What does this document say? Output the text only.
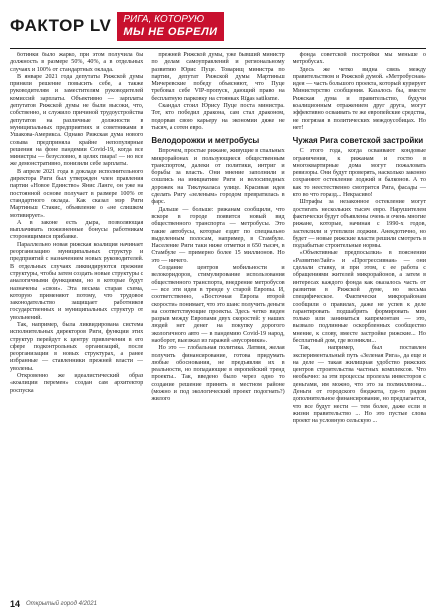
ФАКТОР LV РИГА, КОТОРУЮ
МЫ НЕ ОБРЕЛИ

ботинки было жарко, при этом получила бы должность в размере 50%, 40%, а в отдельных случаях и 100% от стандартных оклада.

В январе 2021 года депутаты Рижской думы приняли решение повысить себе, а также руководителям и заместителям руководителей комиссий зарплаты. Объективно — зарплаты депутатов Рижской думы не были высоки, что, собственно, и служило причиной трудоустройства депутатов на различные должности в муниципальных предприятиях и советниками в Ушакова-Америкса. Однако Рижская дума нового созыва предприняла крайне непопулярные решения на фоне пандемии Covid-19, когда все министры — безусловно, в целях пиара! — но все же демонстративно, понизили себе зарплаты.

В апреле 2021 года в докладе исполнительного директора Риги был утвержден член правления партии «Новое Единство» Янис Лангe, он уже на постоянной основе получает в размере 100% от стандартного оклада. Как сказал мэр Риги Мартиньш Стакис, объявление о «не слишком мотивирует».

А в законе есть дыра, позволяющая выплачивать пожизненные бонусы работникам сторонящимися прибавке.

Параллельно новая рижская коалиция начинает реорганизацию муниципальных структур и предприятий с назначением новых руководителей. В отдельных случаях ликвидируются прежние структуры, чтобы затем создать новые структуры с аналогичными функциями, но в которые будут назначены «свои». Эта весьма старая схема, которую применяют потому, что трудовое законодательство защищает работников государственных и муниципальных структур от увольнений.

Так, например, была ликвидирована система исполнительных директоров Риги, функции этих структур перейдут к центру привлечения в его сфере подконтрольных организаций, после реорганизации в новых структурах, а ранее избранные — ставленники прежней власти — уволены.

Откровенно же идеалистический образ «коалиции перемен» создан сам архитектор роспуска

прежней Рижской думы, уже бывший министр по делам самоуправлений и региональному развитию Юрис Пуце. Товарищ министра по партии, депутат Рижской думы Мартиньш Мичеревские победу объясняют, что Пуце требовал себе VIP-пропуск, дающий право на бесплатную парковку на стоянках Rīgas satiksme.

Скандал стоил Юрису Пуце поста министра. Тот, кто победил дракона, сам стал драконом, подорвав свою карьеру на экономии дяже не тысяч, а сотен евро.

Велодорожки и метробусы

Впрочем, простые рижане, живущие в спальных микрорайонах и пользующиеся общественным транспортом, далеки от политики, интриг и борьбы за власть. Они мнение заполнили и сошлись на инициативе Риги и велосипедных дорожек на Тиклукаласа улице. Красивая идея сделать Ригу «зеленым» городом превратилась в фарс.

Дальше — больше: рижанам сообщили, что вскоре в городе появится новый вид общественного транспорта — метробусы. Это такие автобусы, которые ездят по специально выделенным полосам, например, в Стамбуле. Население Риги таки ниже отметки в 650 тысяч, в Стамбуле — примерно более 15 миллионов. Но это — ничего.

Создание центров мобильности и велокоридоров, стимулирование использования общественного транспорта, внедрение метробусов — все эти идеи в тренде у старой Европы. И, соответственно, «Восточная Европа второй скорости» понимает, что это шанс получить деньги на соответствующие проекты. Здесь четко виден разрыв между Европами двух скоростей: у наших людей нет денег на покупку дорогого экологичного авто — в пандемию Covid-19 народ, наоборот, выезжал из гаражей «мусорники».

Но это — глобальная политика. Латвия, желая получить финансирование, готова придумать любые обоснования, не предъявляя их в реальности, но попадающие в европейский тренд проекты.. Так, введено было через одно то создание решение принять в местном районе (можно и под экологический проект подогнать?) жилого

фонда советской постройки мы меньше о метробусах.

Здесь же четко видна связь между правительством и Рижской думой. «Метробусная» идея — часть большого проекта, который курирует Министерство сообщения. Казалось бы, вместе Рижская дума и правительство, будучи коалиционным отражением друг друга, могут эффективно осваивать те же европейские средства, не погрязая в политических междоусобицах. Но нет!

Чужая Рига советской застройки

С этого года, когда осваивают кондовые ограничения, к рижанам и гостю в многоквартирные дома могут пожаловать ревизоры. Они будут проверять, насколько законно сохраняют остекление лоджий и балконов. А то как то неестественно смотрится Рига, фасады — кто во что горазд... Некрасиво!

Штрафы за незаконное остекление могут достигать нескольких тысяч евро. Нарушителем фактически будут объявлены очень и очень многие рижане, которые, начиная с 1990-х годов, застеклили и утепляли лоджии. Анекдотично, но будет — новые рижские власти решили смотреть в подзабытые строительные нормы.

«Объективные предпосылки» в пояснении «Развитие/Зайг» и «Прогрессивная» — они сделали ставку, и при этом, с ее работа с обращениями жителей микрорайонов, а затем в интересах каждого фонда как оказалось часть от развития в Рижской думе, но весьма специфическое. Фактически микрорайонам сообщили о правилах, даже не успев к деле гарантировать подшабрить формировать мин только или заниматься капремонтам — это, вызвало подлинные оскорбленных сообщество мнение, к слову, вместе застройке рижские... Но бесплатный дом, где возникли...

Так, например, был поставлен экспериментальный путь «Зеленая Рига», да еще и на деле — такая жилищная удобство рижских центров строительства частных комплексов. Что необычно: за эти процессы пролезла инвесторов с деньгами, им можно, что это за полмиллиона... Деньги от городского бюджета, где-то рядом дополнительное финансирование, но предлагается, что все будут нести — тем более, даже если в жизни правительство ... Но это пустые слова проект на условную сельскую ...

14 Открытый город 4/2021
